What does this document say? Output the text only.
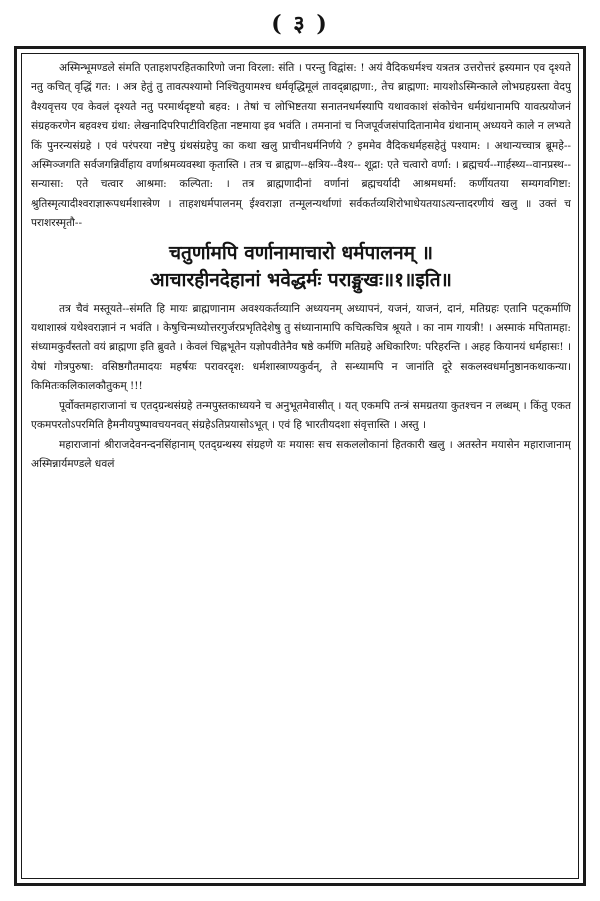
( ३ )

अस्मिन्भूमण्डले संमति एताहशपरहितकारिणो जना विरला: संति । परन्तु विद्वांस: ! अयं वैदिकधर्मश्च यत्रतत्र उत्तरोत्तरं ह्रस्यमान एव दृश्यते नतु कचित् वृद्धिं गत: । अत्र हेतुं तु तावत्पश्यामो निश्चितुयामश्च धर्मवृद्धिमूलं तावद्ब्राह्मणा:, तेच ब्राह्मणा: मायशोऽस्मिन्काले लोभग्रहग्रस्ता वेदपु वैश्यवृत्तय एव केवलं दृश्यते नतु परमार्थदृष्टयो बहव: । तेषां च लोभिष्टतया सनातनधर्मस्यापि यथावकाशं संकोचेन धर्मग्रंथानामपि यावत्प्रयोजनं संग्रहकरणेन बहवश्च ग्रंथा: लेखनादिपरिपाटीविरहिता नष्टमाया इव भवंति । तमनानां च निजपूर्वजसंपादितानामेव ग्रंथानाम् अध्ययने काले न लभ्यते किं पुनरन्यसंग्रहे । एवं परंपरया नष्टेपु ग्रंथसंग्रहेपु का कथा खलु प्राचीनधर्मनिर्णये ? इममेव वैदिकधर्महसहेतुं पश्याम: । अथान्यच्चात्र ब्रूमहे--अस्मिञ्जगति सर्वजगन्निर्वीहाय वर्णाश्रमव्यवस्था कृतास्ति । तत्र च ब्राह्मण--क्षत्रिय--वैश्य-- शूद्रा: एते चत्वारो वर्णा: । ब्रह्मचर्य--गार्हस्थ्य--वानप्रस्थ--सन्यासा: एते चत्वार आश्रमा: कल्पिता: । तत्र ब्राह्मणादीनां वर्णानां ब्रह्मचर्यादी आश्रमधर्मा: कर्णीयतया सम्यगवगिष्टा: श्रुतिस्मृत्यादीश्वराज्ञारूपधर्मशास्त्रेण । ताहशधर्मपालनम् ईश्वराज्ञा तन्मूलन्यर्थाणां सर्वकर्तव्यशिरोभाधेयतयाऽत्यन्तादरणीयं खलु ॥ उक्तं च पराशरस्मृतौ--

चतुर्णामपि वर्णानामाचारो धर्मपालनम् ॥
आचारहीनदेहानां भवेद्धर्मः पराङ्मुखः॥१॥इति॥

तत्र चैवं मस्तूयते--संमति हि मायः ब्राह्मणानाम अवश्यकर्तव्यानि अध्ययनम् अध्यापनं, यजनं, याजनं, दानं, मतिग्रहः एतानि पट्कर्माणि यथाशास्त्रं यथेश्वराज्ञानं न भवंति । केषुचिन्मध्योत्तरगुर्जरप्रभृतिदेशेषु तु संध्यानामापि कचित्कचित्र श्रूयते । का नाम गायत्री! । अस्माकं मपितामहा: संध्यामकुर्वंस्ततो वयं ब्राह्मणा इति ब्रुवते । केवलं चिह्नभूतेन यज्ञोपवीतेनैव षष्ठे कर्मणि मतिग्रहे अधिकारिण: परिहरन्ति । अहह कियानयं धर्महासः! । येषां गोत्रपुरुषा: वसिष्ठगौतमादयः महर्षयः परावरदृश: धर्मशास्त्राण्यकुर्वन्, ते सन्ध्यामपि न जानांति दूरे सकलस्वधर्मानुष्ठानकथाकन्या। किमितःकलिकालकौतुकम् !!!

पूर्वोक्तमहाराजानां च एतद्ग्रन्थसंग्रहे तन्मपुस्तकाध्ययने च अनुभूतमेवासीत् । यत् एकमपि तन्त्रं समग्रतया कुतश्चन न लब्धम् । किंतु एकत एकमपरतोऽपरमिति हैमनीयपुष्पावचयनवत् संग्रहेऽतिप्रयासोऽभूत् । एवं हि भारतीयदशा संवृत्तास्ति । अस्तु ।

महाराजानां श्रीराजदेवनन्दनसिंहानाम् एतद्ग्रन्थस्य संग्रहणे यः मयासः सच सकललोकानां हितकारी खलु । अतस्तेन मयासेन महाराजानाम् अस्मिन्नार्यमण्डले धवलं
